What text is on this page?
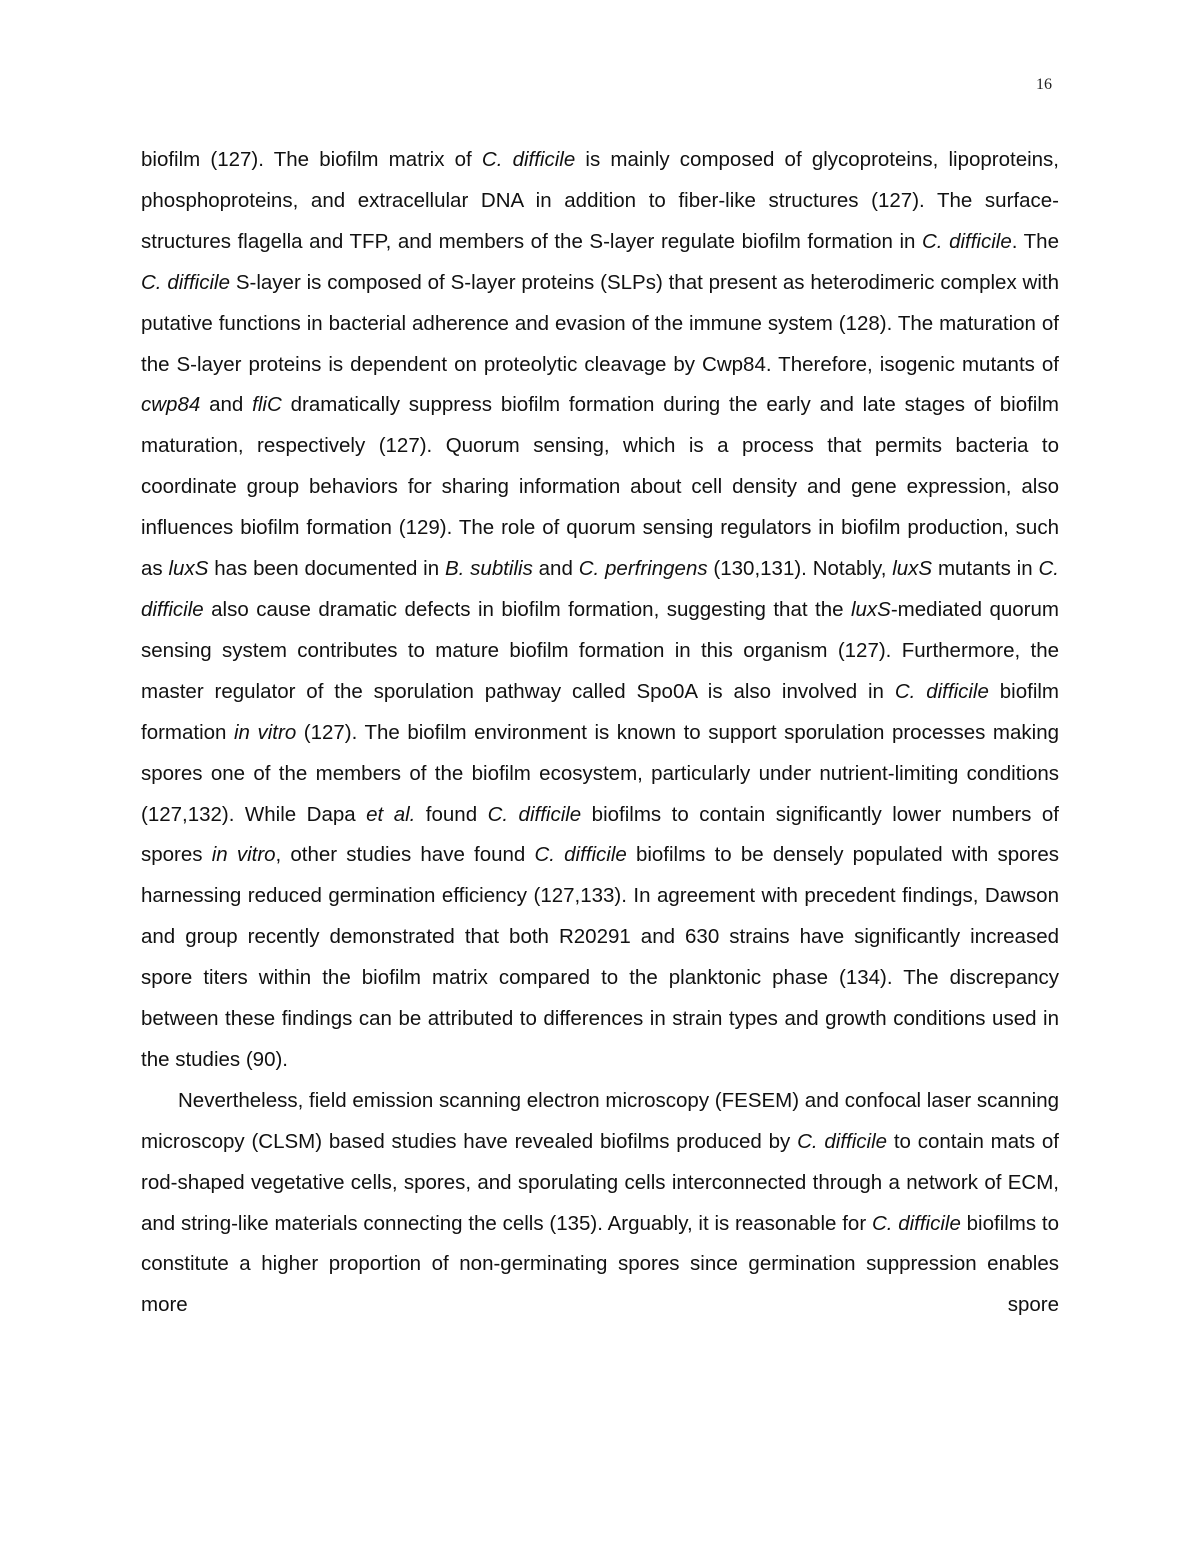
16

biofilm (127). The biofilm matrix of C. difficile is mainly composed of glycoproteins, lipoproteins, phosphoproteins, and extracellular DNA in addition to fiber-like structures (127). The surface-structures flagella and TFP, and members of the S-layer regulate biofilm formation in C. difficile. The C. difficile S-layer is composed of S-layer proteins (SLPs) that present as heterodimeric complex with putative functions in bacterial adherence and evasion of the immune system (128). The maturation of the S-layer proteins is dependent on proteolytic cleavage by Cwp84. Therefore, isogenic mutants of cwp84 and fliC dramatically suppress biofilm formation during the early and late stages of biofilm maturation, respectively (127). Quorum sensing, which is a process that permits bacteria to coordinate group behaviors for sharing information about cell density and gene expression, also influences biofilm formation (129). The role of quorum sensing regulators in biofilm production, such as luxS has been documented in B. subtilis and C. perfringens (130,131). Notably, luxS mutants in C. difficile also cause dramatic defects in biofilm formation, suggesting that the luxS-mediated quorum sensing system contributes to mature biofilm formation in this organism (127). Furthermore, the master regulator of the sporulation pathway called Spo0A is also involved in C. difficile biofilm formation in vitro (127). The biofilm environment is known to support sporulation processes making spores one of the members of the biofilm ecosystem, particularly under nutrient-limiting conditions (127,132). While Dapa et al. found C. difficile biofilms to contain significantly lower numbers of spores in vitro, other studies have found C. difficile biofilms to be densely populated with spores harnessing reduced germination efficiency (127,133). In agreement with precedent findings, Dawson and group recently demonstrated that both R20291 and 630 strains have significantly increased spore titers within the biofilm matrix compared to the planktonic phase (134). The discrepancy between these findings can be attributed to differences in strain types and growth conditions used in the studies (90).

Nevertheless, field emission scanning electron microscopy (FESEM) and confocal laser scanning microscopy (CLSM) based studies have revealed biofilms produced by C. difficile to contain mats of rod-shaped vegetative cells, spores, and sporulating cells interconnected through a network of ECM, and string-like materials connecting the cells (135). Arguably, it is reasonable for C. difficile biofilms to constitute a higher proportion of non-germinating spores since germination suppression enables more spore
